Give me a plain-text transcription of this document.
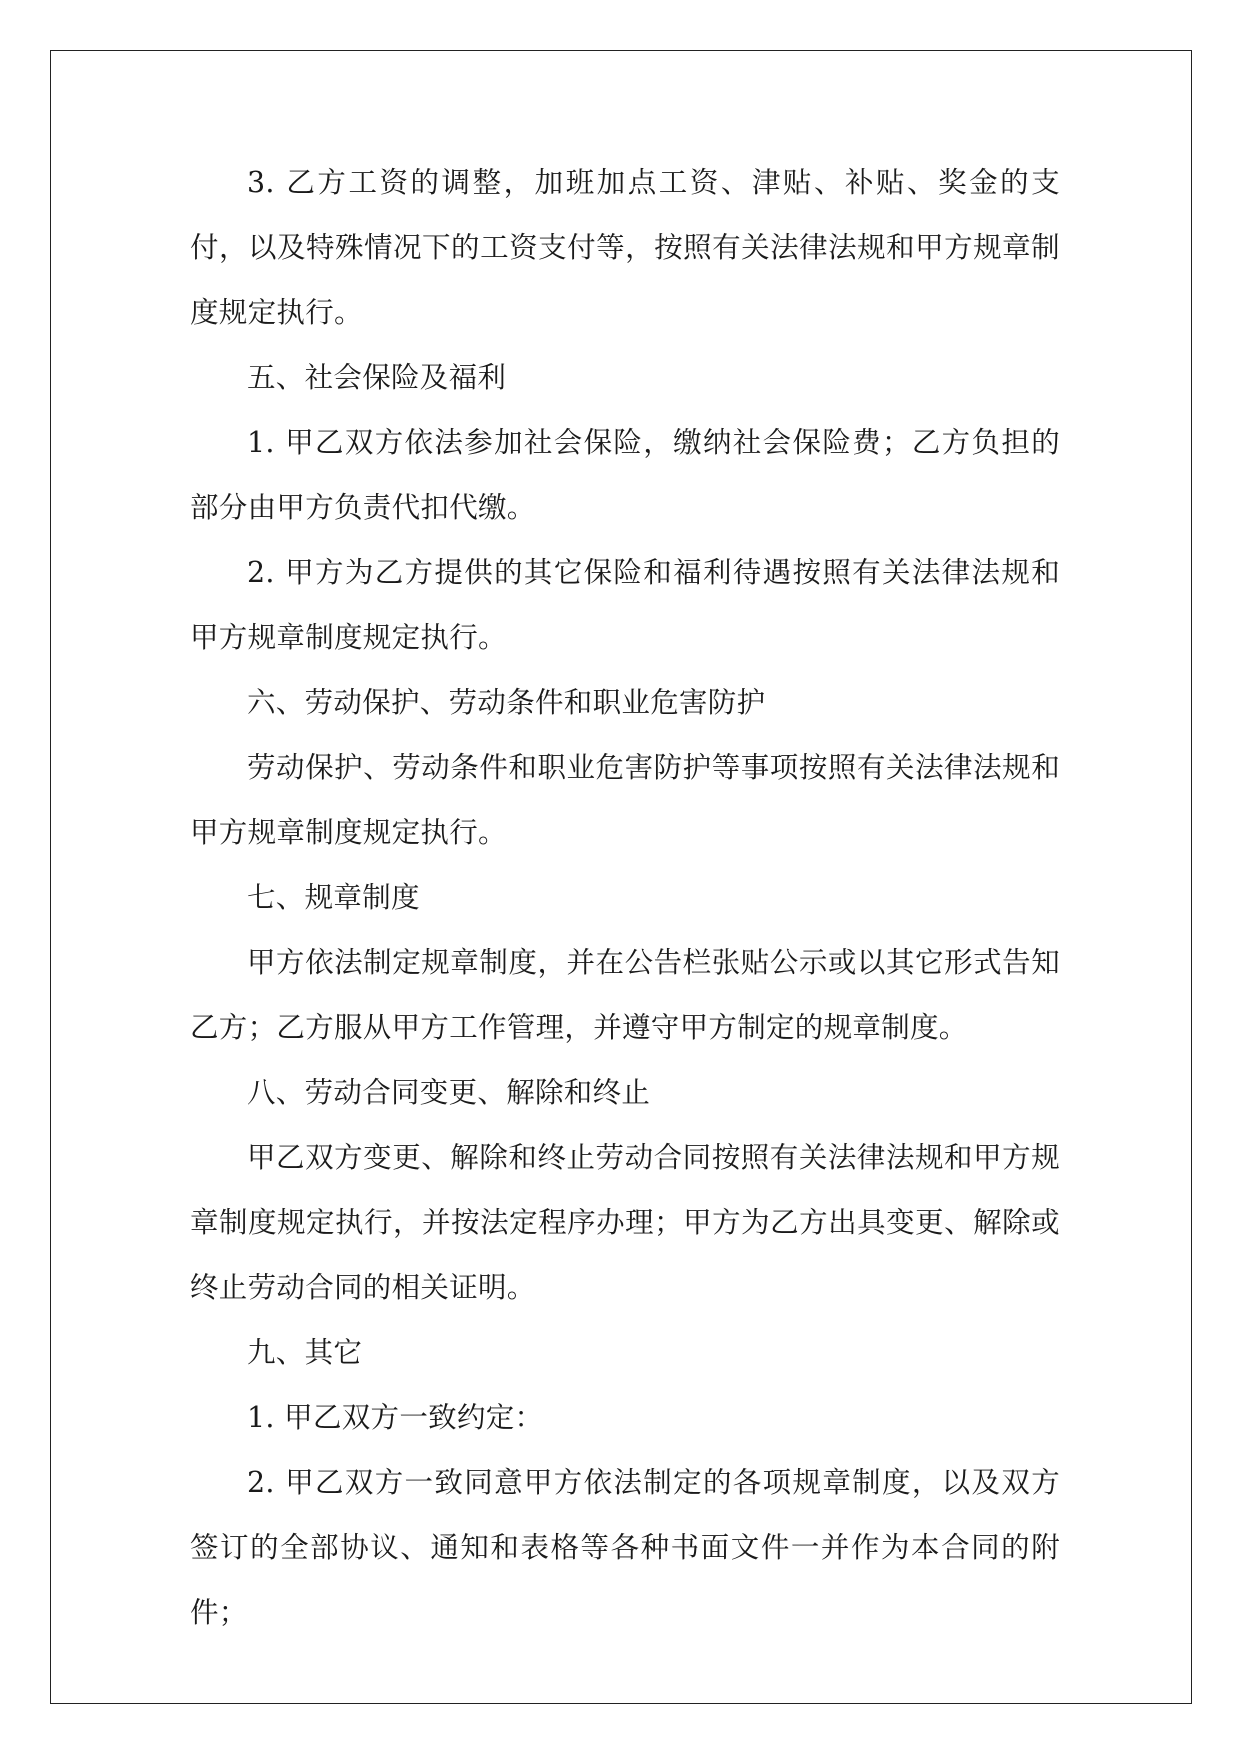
3. 乙方工资的调整，加班加点工资、津贴、补贴、奖金的支付，以及特殊情况下的工资支付等，按照有关法律法规和甲方规章制度规定执行。

五、社会保险及福利

1. 甲乙双方依法参加社会保险，缴纳社会保险费；乙方负担的部分由甲方负责代扣代缴。

2. 甲方为乙方提供的其它保险和福利待遇按照有关法律法规和甲方规章制度规定执行。

六、劳动保护、劳动条件和职业危害防护

劳动保护、劳动条件和职业危害防护等事项按照有关法律法规和甲方规章制度规定执行。

七、规章制度

甲方依法制定规章制度，并在公告栏张贴公示或以其它形式告知乙方；乙方服从甲方工作管理，并遵守甲方制定的规章制度。

八、劳动合同变更、解除和终止

甲乙双方变更、解除和终止劳动合同按照有关法律法规和甲方规章制度规定执行，并按法定程序办理；甲方为乙方出具变更、解除或终止劳动合同的相关证明。

九、其它

1. 甲乙双方一致约定：

2. 甲乙双方一致同意甲方依法制定的各项规章制度，以及双方签订的全部协议、通知和表格等各种书面文件一并作为本合同的附件；
